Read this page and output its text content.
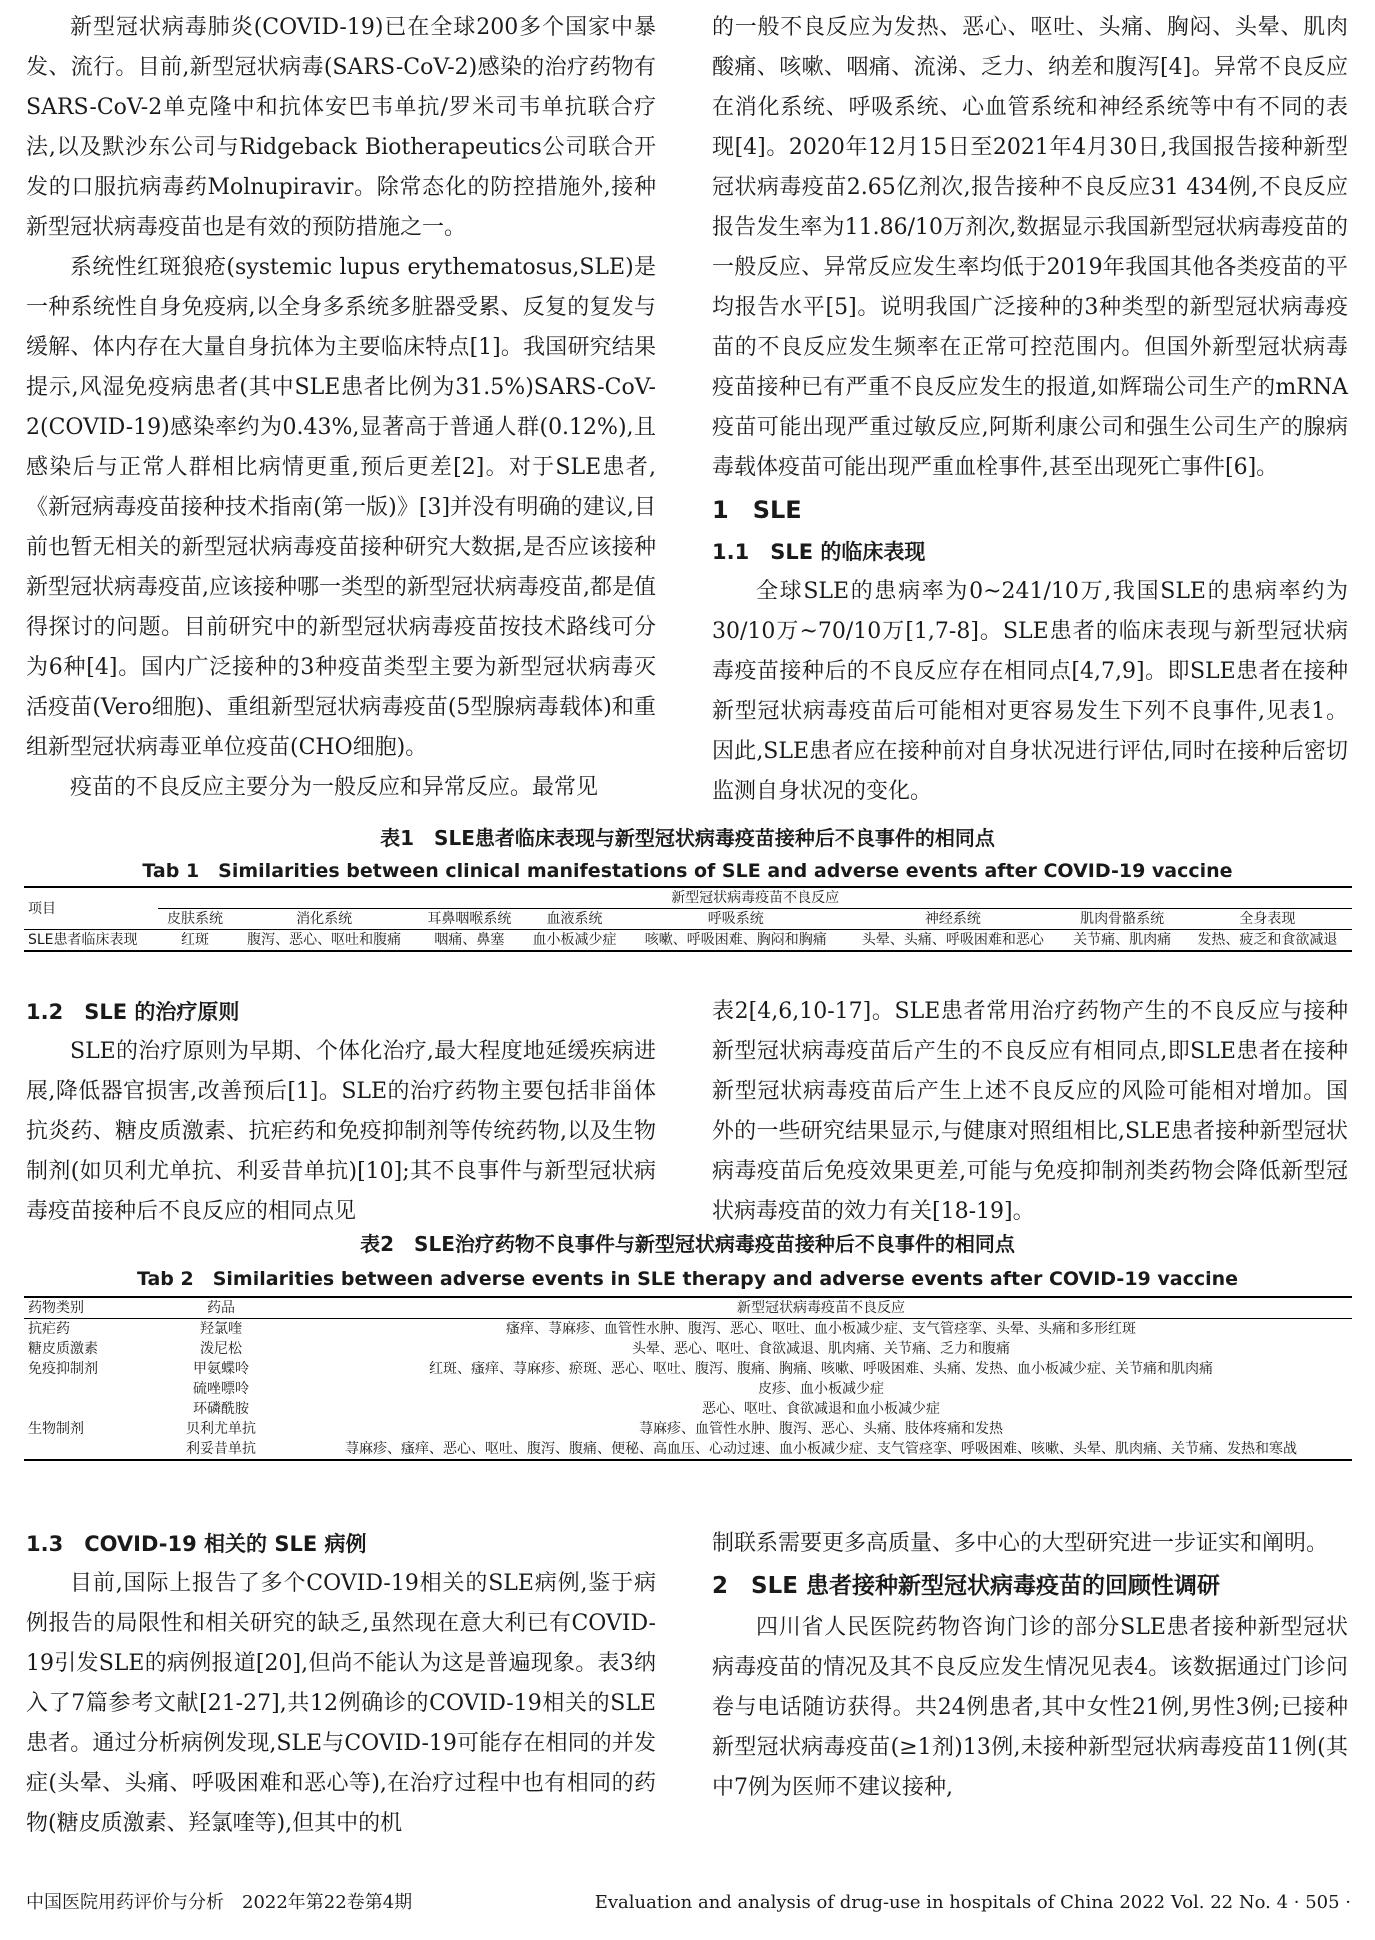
新型冠状病毒肺炎(COVID-19)已在全球200多个国家中暴发、流行。目前,新型冠状病毒(SARS-CoV-2)感染的治疗药物有SARS-CoV-2单克隆中和抗体安巴韦单抗/罗米司韦单抗联合疗法,以及默沙东公司与Ridgeback Biotherapeutics公司联合开发的口服抗病毒药Molnupiravir。除常态化的防控措施外,接种新型冠状病毒疫苗也是有效的预防措施之一。

系统性红斑狼疮(systemic lupus erythematosus,SLE)是一种系统性自身免疫病,以全身多系统多脏器受累、反复的复发与缓解、体内存在大量自身抗体为主要临床特点[1]。我国研究结果提示,风湿免疫病患者(其中SLE患者比例为31.5%)SARS-CoV-2(COVID-19)感染率约为0.43%,显著高于普通人群(0.12%),且感染后与正常人群相比病情更重,预后更差[2]。对于SLE患者,《新冠病毒疫苗接种技术指南(第一版)》[3]并没有明确的建议,目前也暂无相关的新型冠状病毒疫苗接种研究大数据,是否应该接种新型冠状病毒疫苗,应该接种哪一类型的新型冠状病毒疫苗,都是值得探讨的问题。目前研究中的新型冠状病毒疫苗按技术路线可分为6种[4]。国内广泛接种的3种疫苗类型主要为新型冠状病毒灭活疫苗(Vero细胞)、重组新型冠状病毒疫苗(5型腺病毒载体)和重组新型冠状病毒亚单位疫苗(CHO细胞)。

疫苗的不良反应主要分为一般反应和异常反应。最常见

的一般不良反应为发热、恶心、呕吐、头痛、胸闷、头晕、肌肉酸痛、咳嗽、咽痛、流涕、乏力、纳差和腹泻[4]。异常不良反应在消化系统、呼吸系统、心血管系统和神经系统等中有不同的表现[4]。2020年12月15日至2021年4月30日,我国报告接种新型冠状病毒疫苗2.65亿剂次,报告接种不良反应31 434例,不良反应报告发生率为11.86/10万剂次,数据显示我国新型冠状病毒疫苗的一般反应、异常反应发生率均低于2019年我国其他各类疫苗的平均报告水平[5]。说明我国广泛接种的3种类型的新型冠状病毒疫苗的不良反应发生频率在正常可控范围内。但国外新型冠状病毒疫苗接种已有严重不良反应发生的报道,如辉瑞公司生产的mRNA疫苗可能出现严重过敏反应,阿斯利康公司和强生公司生产的腺病毒载体疫苗可能出现严重血栓事件,甚至出现死亡事件[6]。

1　SLE
1.1　SLE 的临床表现

全球SLE的患病率为0~241/10万,我国SLE的患病率约为30/10万~70/10万[1,7-8]。SLE患者的临床表现与新型冠状病毒疫苗接种后的不良反应存在相同点[4,7,9]。即SLE患者在接种新型冠状病毒疫苗后可能相对更容易发生下列不良事件,见表1。因此,SLE患者应在接种前对自身状况进行评估,同时在接种后密切监测自身状况的变化。

表1　SLE患者临床表现与新型冠状病毒疫苗接种后不良事件的相同点
Tab 1　Similarities between clinical manifestations of SLE and adverse events after COVID-19 vaccine
项目	新型冠状病毒疫苗不良反应							
	皮肤系统	消化系统	耳鼻咽喉系统	血液系统	呼吸系统	神经系统	肌肉骨骼系统	全身表现
SLE患者临床表现	红斑	腹泻、恶心、呕吐和腹痛	咽痛、鼻塞	血小板减少症	咳嗽、呼吸困难、胸闷和胸痛	头晕、头痛、呼吸困难和恶心	关节痛、肌肉痛	发热、疲乏和食欲减退
1.2　SLE 的治疗原则

SLE的治疗原则为早期、个体化治疗,最大程度地延缓疾病进展,降低器官损害,改善预后[1]。SLE的治疗药物主要包括非甾体抗炎药、糖皮质激素、抗疟药和免疫抑制剂等传统药物,以及生物制剂(如贝利尤单抗、利妥昔单抗)[10];其不良事件与新型冠状病毒疫苗接种后不良反应的相同点见

表2[4,6,10-17]。SLE患者常用治疗药物产生的不良反应与接种新型冠状病毒疫苗后产生的不良反应有相同点,即SLE患者在接种新型冠状病毒疫苗后产生上述不良反应的风险可能相对增加。国外的一些研究结果显示,与健康对照组相比,SLE患者接种新型冠状病毒疫苗后免疫效果更差,可能与免疫抑制剂类药物会降低新型冠状病毒疫苗的效力有关[18-19]。

表2　SLE治疗药物不良事件与新型冠状病毒疫苗接种后不良事件的相同点
Tab 2　Similarities between adverse events in SLE therapy and adverse events after COVID-19 vaccine
药物类别	药品	新型冠状病毒疫苗不良反应
抗疟药	羟氯喹	瘙痒、荨麻疹、血管性水肿、腹泻、恶心、呕吐、血小板减少症、支气管痉挛、头晕、头痛和多形红斑
糖皮质激素	泼尼松	头晕、恶心、呕吐、食欲减退、肌肉痛、关节痛、乏力和腹痛
免疫抑制剂	甲氨蝶呤	红斑、瘙痒、荨麻疹、瘀斑、恶心、呕吐、腹泻、腹痛、胸痛、咳嗽、呼吸困难、头痛、发热、血小板减少症、关节痛和肌肉痛
	硫唑嘌呤	皮疹、血小板减少症
	环磷酰胺	恶心、呕吐、食欲减退和血小板减少症
生物制剂	贝利尤单抗	荨麻疹、血管性水肿、腹泻、恶心、头痛、肢体疼痛和发热
	利妥昔单抗	荨麻疹、瘙痒、恶心、呕吐、腹泻、腹痛、便秘、高血压、心动过速、血小板减少症、支气管痉挛、呼吸困难、咳嗽、头晕、肌肉痛、关节痛、发热和寒战
1.3　COVID-19 相关的 SLE 病例

目前,国际上报告了多个COVID-19相关的SLE病例,鉴于病例报告的局限性和相关研究的缺乏,虽然现在意大利已有COVID-19引发SLE的病例报道[20],但尚不能认为这是普遍现象。表3纳入了7篇参考文献[21-27],共12例确诊的COVID-19相关的SLE患者。通过分析病例发现,SLE与COVID-19可能存在相同的并发症(头晕、头痛、呼吸困难和恶心等),在治疗过程中也有相同的药物(糖皮质激素、羟氯喹等),但其中的机

制联系需要更多高质量、多中心的大型研究进一步证实和阐明。

2　SLE 患者接种新型冠状病毒疫苗的回顾性调研

四川省人民医院药物咨询门诊的部分SLE患者接种新型冠状病毒疫苗的情况及其不良反应发生情况见表4。该数据通过门诊问卷与电话随访获得。共24例患者,其中女性21例,男性3例;已接种新型冠状病毒疫苗(≥1剂)13例,未接种新型冠状病毒疫苗11例(其中7例为医师不建议接种,

中国医院用药评价与分析　2022年第22卷第4期	Evaluation and analysis of drug-use in hospitals of China 2022 Vol. 22 No. 4 · 505 ·
